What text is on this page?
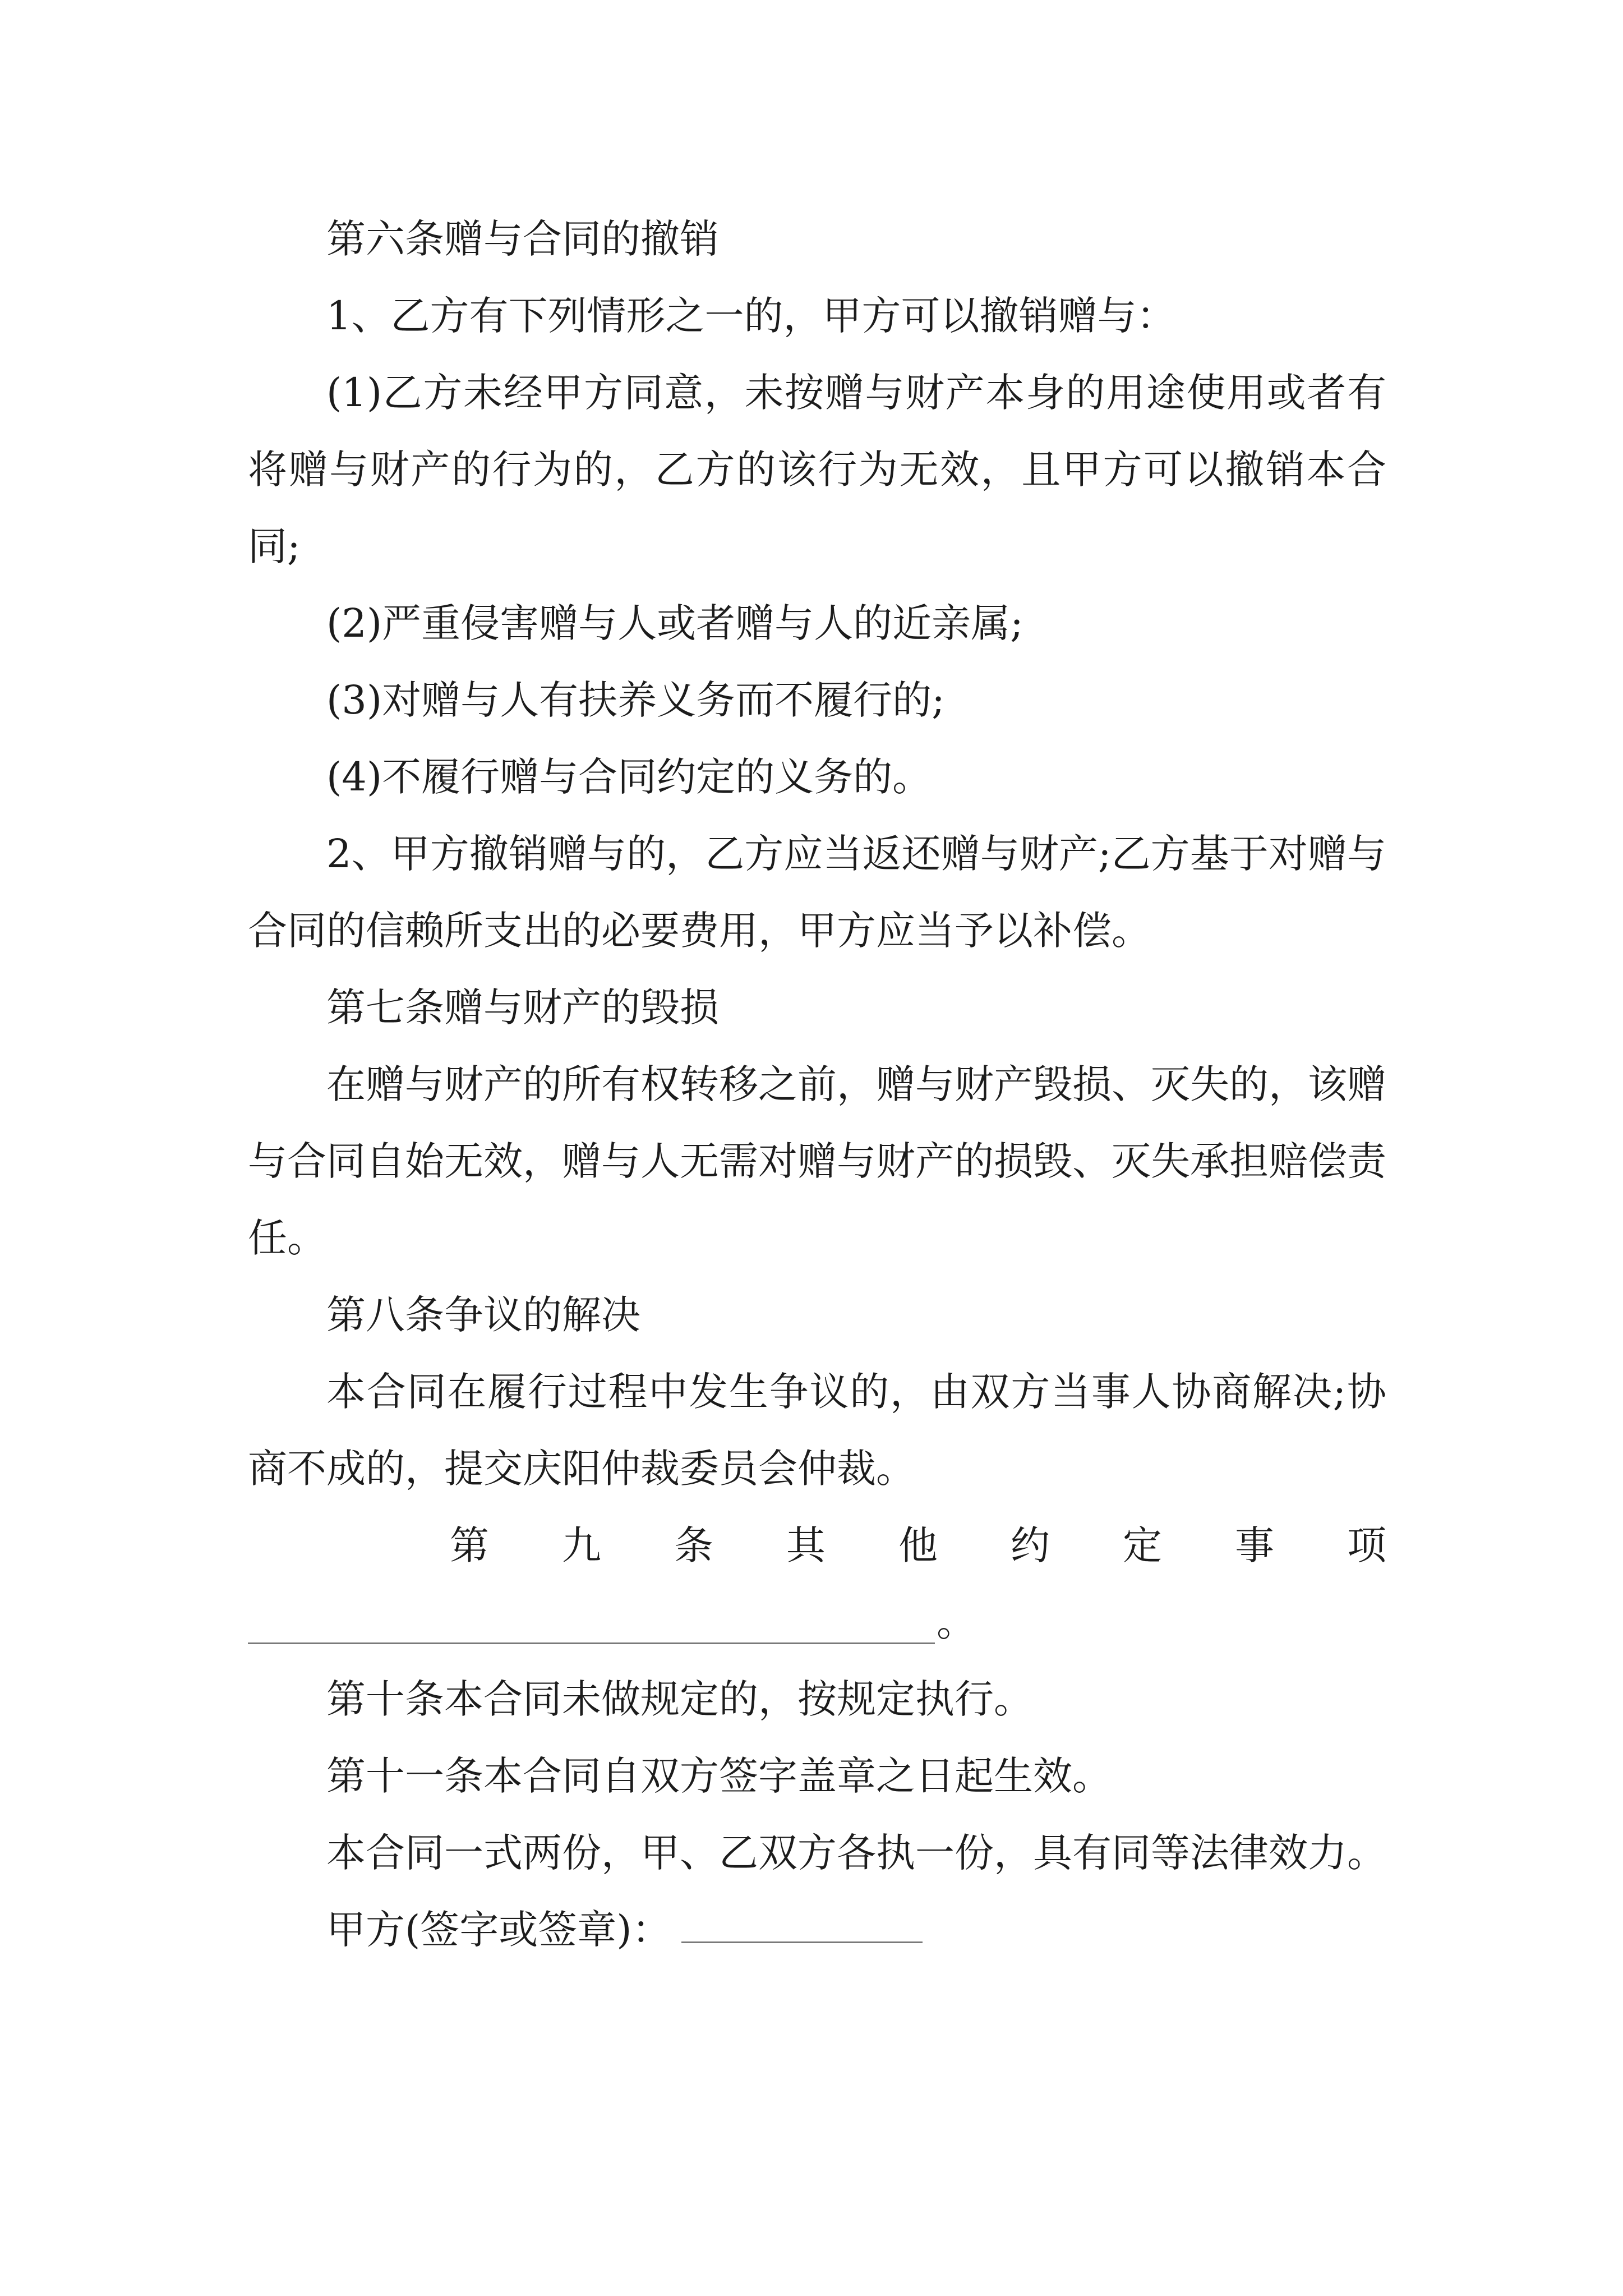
第六条赠与合同的撤销

1、乙方有下列情形之一的，甲方可以撤销赠与：

(1)乙方未经甲方同意，未按赠与财产本身的用途使用或者有将赠与财产的行为的，乙方的该行为无效，且甲方可以撤销本合同;

(2)严重侵害赠与人或者赠与人的近亲属;

(3)对赠与人有扶养义务而不履行的;

(4)不履行赠与合同约定的义务的。

2、甲方撤销赠与的，乙方应当返还赠与财产;乙方基于对赠与合同的信赖所支出的必要费用，甲方应当予以补偿。

第七条赠与财产的毁损

在赠与财产的所有权转移之前，赠与财产毁损、灭失的，该赠与合同自始无效，赠与人无需对赠与财产的损毁、灭失承担赔偿责任。

第八条争议的解决

本合同在履行过程中发生争议的，由双方当事人协商解决;协商不成的，提交庆阳仲裁委员会仲裁。

第 九 条 其 他 约 定 事 项
。

第十条本合同未做规定的，按规定执行。

第十一条本合同自双方签字盖章之日起生效。

本合同一式两份，甲、乙双方各执一份，具有同等法律效力。

甲方(签字或签章)：
